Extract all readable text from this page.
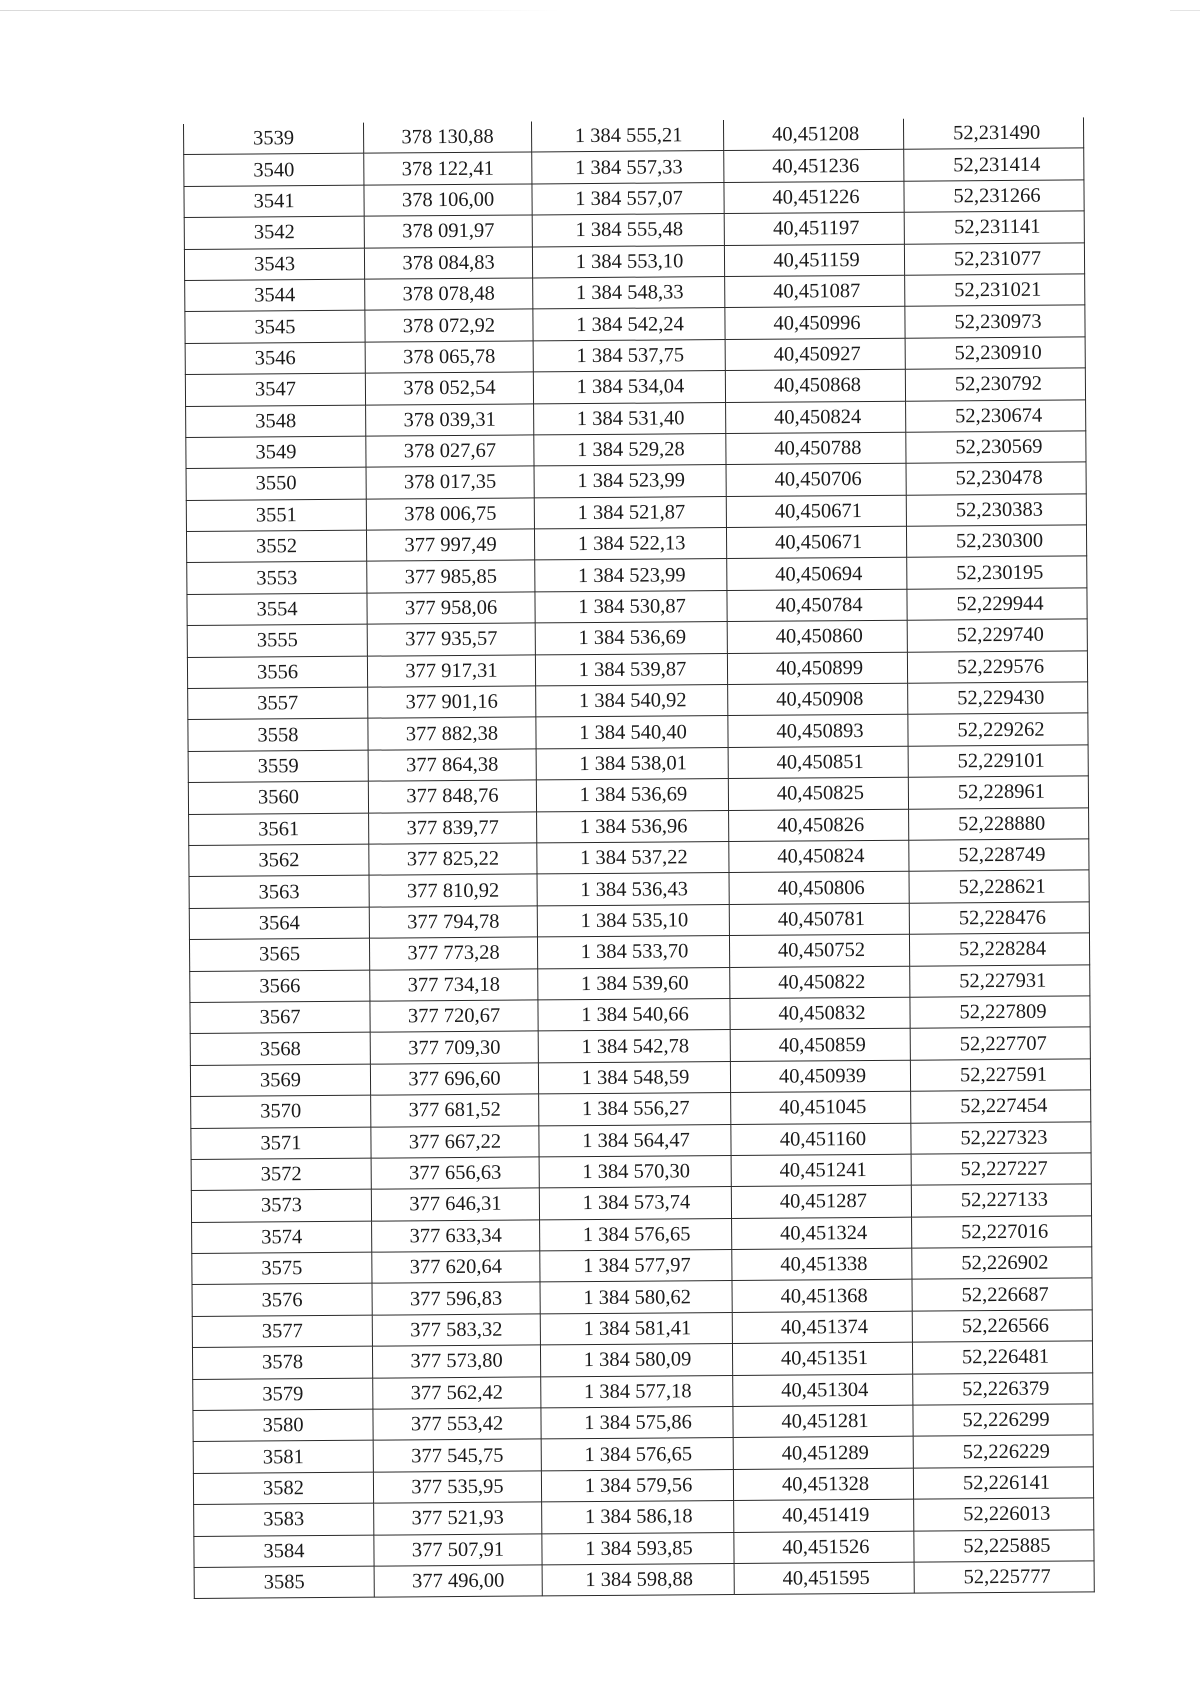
3539	378 130,88	1 384 555,21	40,451208	52,231490
3540	378 122,41	1 384 557,33	40,451236	52,231414
3541	378 106,00	1 384 557,07	40,451226	52,231266
3542	378 091,97	1 384 555,48	40,451197	52,231141
3543	378 084,83	1 384 553,10	40,451159	52,231077
3544	378 078,48	1 384 548,33	40,451087	52,231021
3545	378 072,92	1 384 542,24	40,450996	52,230973
3546	378 065,78	1 384 537,75	40,450927	52,230910
3547	378 052,54	1 384 534,04	40,450868	52,230792
3548	378 039,31	1 384 531,40	40,450824	52,230674
3549	378 027,67	1 384 529,28	40,450788	52,230569
3550	378 017,35	1 384 523,99	40,450706	52,230478
3551	378 006,75	1 384 521,87	40,450671	52,230383
3552	377 997,49	1 384 522,13	40,450671	52,230300
3553	377 985,85	1 384 523,99	40,450694	52,230195
3554	377 958,06	1 384 530,87	40,450784	52,229944
3555	377 935,57	1 384 536,69	40,450860	52,229740
3556	377 917,31	1 384 539,87	40,450899	52,229576
3557	377 901,16	1 384 540,92	40,450908	52,229430
3558	377 882,38	1 384 540,40	40,450893	52,229262
3559	377 864,38	1 384 538,01	40,450851	52,229101
3560	377 848,76	1 384 536,69	40,450825	52,228961
3561	377 839,77	1 384 536,96	40,450826	52,228880
3562	377 825,22	1 384 537,22	40,450824	52,228749
3563	377 810,92	1 384 536,43	40,450806	52,228621
3564	377 794,78	1 384 535,10	40,450781	52,228476
3565	377 773,28	1 384 533,70	40,450752	52,228284
3566	377 734,18	1 384 539,60	40,450822	52,227931
3567	377 720,67	1 384 540,66	40,450832	52,227809
3568	377 709,30	1 384 542,78	40,450859	52,227707
3569	377 696,60	1 384 548,59	40,450939	52,227591
3570	377 681,52	1 384 556,27	40,451045	52,227454
3571	377 667,22	1 384 564,47	40,451160	52,227323
3572	377 656,63	1 384 570,30	40,451241	52,227227
3573	377 646,31	1 384 573,74	40,451287	52,227133
3574	377 633,34	1 384 576,65	40,451324	52,227016
3575	377 620,64	1 384 577,97	40,451338	52,226902
3576	377 596,83	1 384 580,62	40,451368	52,226687
3577	377 583,32	1 384 581,41	40,451374	52,226566
3578	377 573,80	1 384 580,09	40,451351	52,226481
3579	377 562,42	1 384 577,18	40,451304	52,226379
3580	377 553,42	1 384 575,86	40,451281	52,226299
3581	377 545,75	1 384 576,65	40,451289	52,226229
3582	377 535,95	1 384 579,56	40,451328	52,226141
3583	377 521,93	1 384 586,18	40,451419	52,226013
3584	377 507,91	1 384 593,85	40,451526	52,225885
3585	377 496,00	1 384 598,88	40,451595	52,225777
